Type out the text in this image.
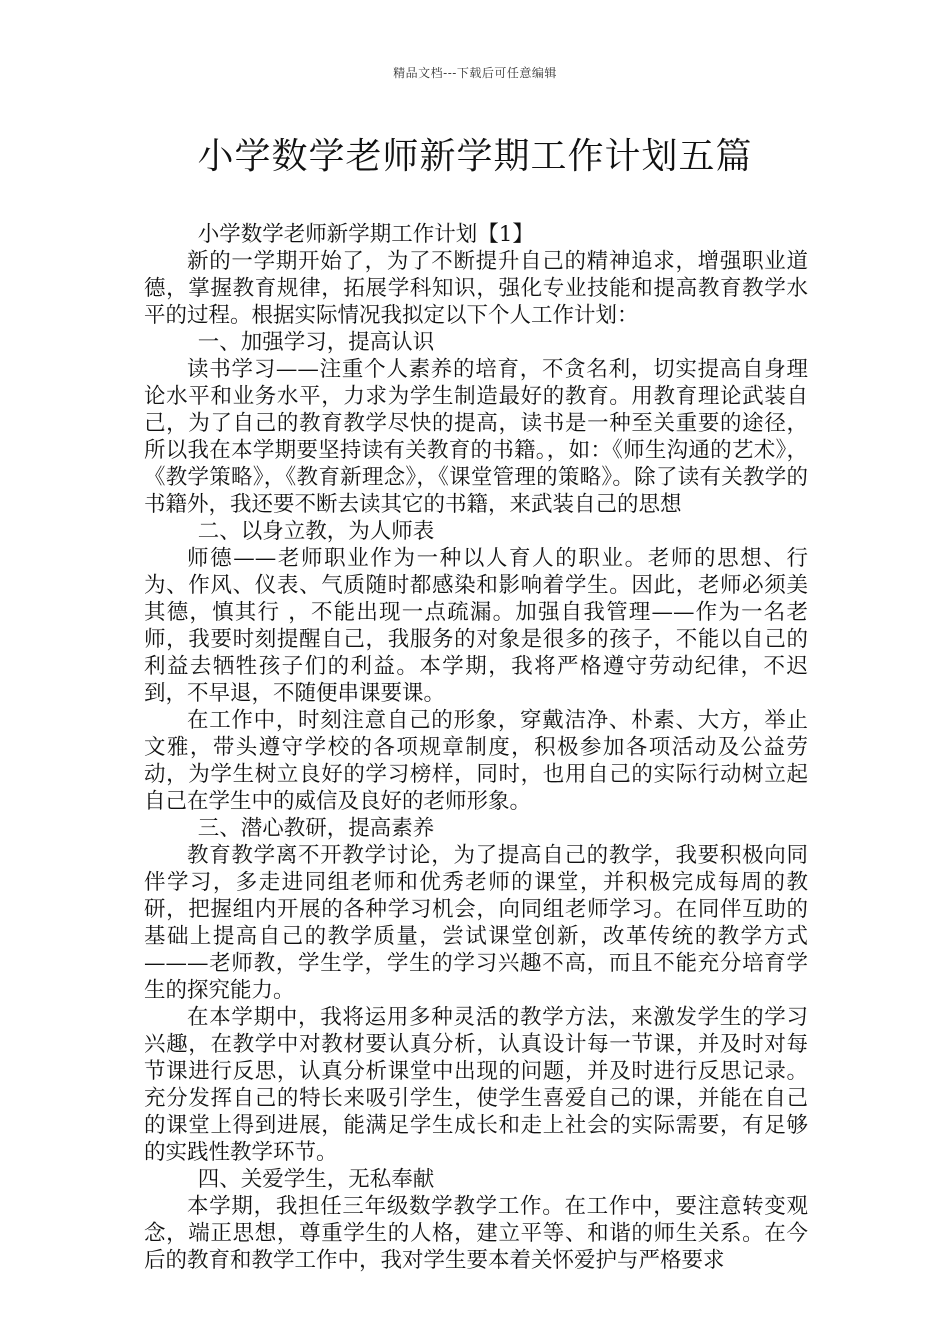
精品文档---下载后可任意编辑
小学数学老师新学期工作计划五篇

小学数学老师新学期工作计划【1】

新的一学期开始了，为了不断提升自己的精神追求，增强职业道德，掌握教育规律，拓展学科知识，强化专业技能和提高教育教学水平的过程。根据实际情况我拟定以下个人工作计划：

一、加强学习，提高认识

读书学习——注重个人素养的培育，不贪名利，切实提高自身理论水平和业务水平，力求为学生制造最好的教育。用教育理论武装自己，为了自己的教育教学尽快的提高，读书是一种至关重要的途径，所以我在本学期要坚持读有关教育的书籍。，如：《师生沟通的艺术》，《教学策略》，《教育新理念》，《课堂管理的策略》。除了读有关教学的书籍外，我还要不断去读其它的书籍，来武装自己的思想

二、以身立教，为人师表

师德——老师职业作为一种以人育人的职业。老师的思想、行为、作风、仪表、气质随时都感染和影响着学生。因此，老师必须美其德，慎其行 ，不能出现一点疏漏。加强自我管理——作为一名老师，我要时刻提醒自己，我服务的对象是很多的孩子，不能以自己的利益去牺牲孩子们的利益。本学期，我将严格遵守劳动纪律，不迟到，不早退，不随便串课要课。

在工作中，时刻注意自己的形象，穿戴洁净、朴素、大方，举止文雅，带头遵守学校的各项规章制度，积极参加各项活动及公益劳动，为学生树立良好的学习榜样，同时，也用自己的实际行动树立起自己在学生中的威信及良好的老师形象。

三、潜心教研，提高素养

教育教学离不开教学讨论，为了提高自己的教学，我要积极向同伴学习，多走进同组老师和优秀老师的课堂，并积极完成每周的教研，把握组内开展的各种学习机会，向同组老师学习。在同伴互助的基础上提高自己的教学质量，尝试课堂创新，改革传统的教学方式———老师教，学生学，学生的学习兴趣不高，而且不能充分培育学生的探究能力。

在本学期中，我将运用多种灵活的教学方法，来激发学生的学习兴趣，在教学中对教材要认真分析，认真设计每一节课，并及时对每节课进行反思，认真分析课堂中出现的问题，并及时进行反思记录。充分发挥自己的特长来吸引学生，使学生喜爱自己的课，并能在自己的课堂上得到进展，能满足学生成长和走上社会的实际需要，有足够的实践性教学环节。

四、关爱学生，无私奉献

本学期，我担任三年级数学教学工作。在工作中，要注意转变观念，端正思想，尊重学生的人格，建立平等、和谐的师生关系。在今后的教育和教学工作中，我对学生要本着关怀爱护与严格要求
